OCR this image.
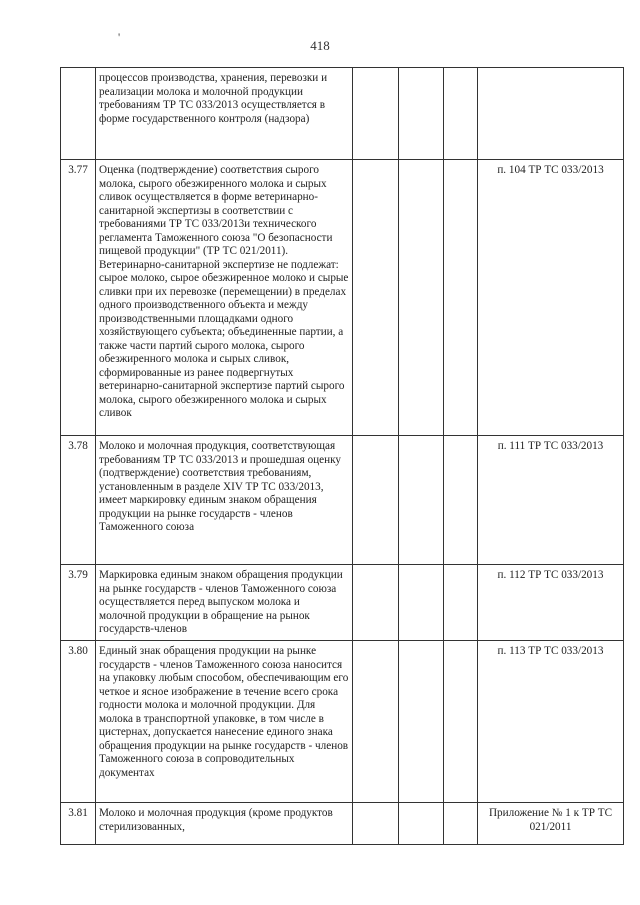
'
418
	процессов производства, хранения, перевозки и реализации молока и молочной продукции требованиям ТР ТС 033/2013 осуществляется в форме государственного контроля (надзора)				
3.77	Оценка (подтверждение) соответствия сырого молока, сырого обезжиренного молока и сырых сливок осуществляется в форме ветеринарно-санитарной экспертизы в соответствии с требованиями ТР ТС 033/2013и технического регламента Таможенного союза "О безопасности пищевой продукции" (ТР ТС 021/2011). Ветеринарно-санитарной экспертизе не подлежат: сырое молоко, сырое обезжиренное молоко и сырые сливки при их перевозке (перемещении) в пределах одного производственного объекта и между производственными площадками одного хозяйствующего субъекта; объединенные партии, а также части партий сырого молока, сырого обезжиренного молока и сырых сливок, сформированные из ранее подвергнутых ветеринарно-санитарной экспертизе партий сырого молока, сырого обезжиренного молока и сырых сливок				п. 104 ТР ТС 033/2013
3.78	Молоко и молочная продукция, соответствующая требованиям ТР ТС 033/2013 и прошедшая оценку (подтверждение) соответствия требованиям, установленным в разделе XIV ТР ТС 033/2013, имеет маркировку единым знаком обращения продукции на рынке государств - членов Таможенного союза				п. 111 ТР ТС 033/2013
3.79	Маркировка единым знаком обращения продукции на рынке государств - членов Таможенного союза осуществляется перед выпуском молока и молочной продукции в обращение на рынок государств-членов				п. 112 ТР ТС 033/2013
3.80	Единый знак обращения продукции на рынке государств - членов Таможенного союза наносится на упаковку любым способом, обеспечивающим его четкое и ясное изображение в течение всего срока годности молока и молочной продукции. Для молока в транспортной упаковке, в том числе в цистернах, допускается нанесение единого знака обращения продукции на рынке государств - членов Таможенного союза в сопроводительных документах				п. 113 ТР ТС 033/2013
3.81	Молоко и молочная продукция (кроме продуктов стерилизованных,				Приложение № 1 к ТР ТС 021/2011
